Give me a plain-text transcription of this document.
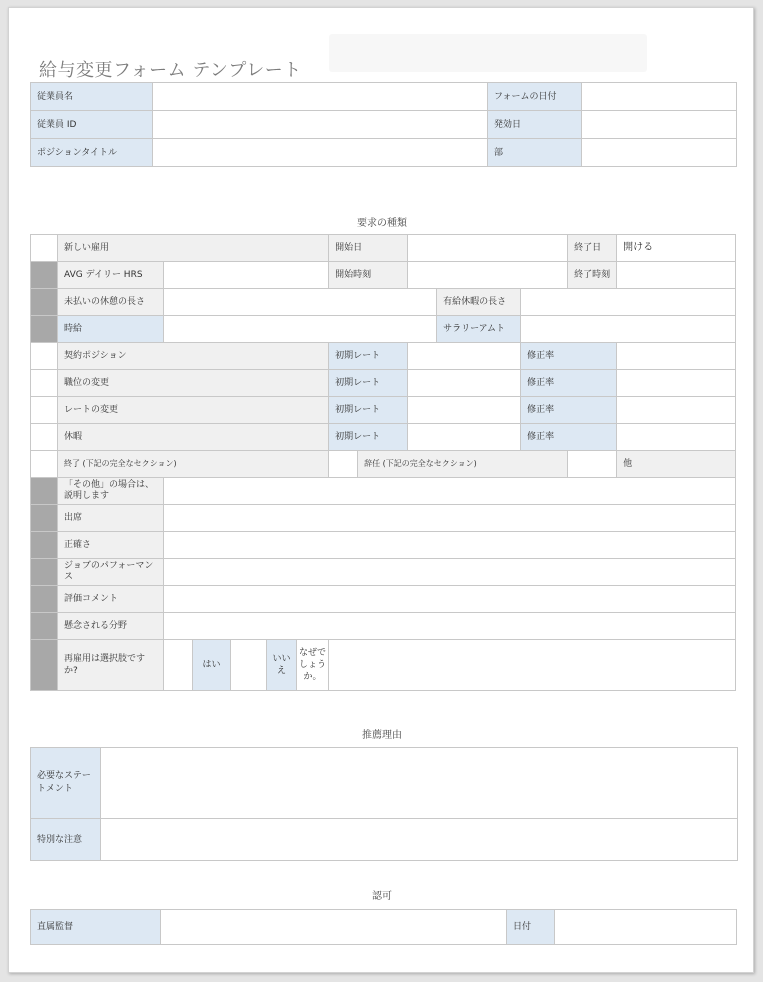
給与変更フォーム テンプレート
従業員名		フォームの日付	
従業員 ID		発効日	
ポジションタイトル		部	
要求の種類
	新しい雇用						開始日					終了日	開ける
	AVG デイリー HRS						開始時刻					終了時刻	
	未払いの休憩の長さ									有給休暇の長さ			
	時給									サラリーアムト			
	契約ポジション						初期レート				修正率		
	職位の変更						初期レート				修正率		
	レートの変更						初期レート				修正率		
	休暇						初期レート				修正率		
	終了 (下記の完全なセクション)							辞任 (下記の完全なセクション)					他
	「その他」の場合は、説明します												
	出席												
	正確さ												
	ジョブのパフォーマンス												
	評価コメント												
	懸念される分野												
	再雇用は選択肢ですか?		はい		いいえ	なぜでしょうか。							
推薦理由
必要なステートメント	
特別な注意	
認可
直属監督		日付	
